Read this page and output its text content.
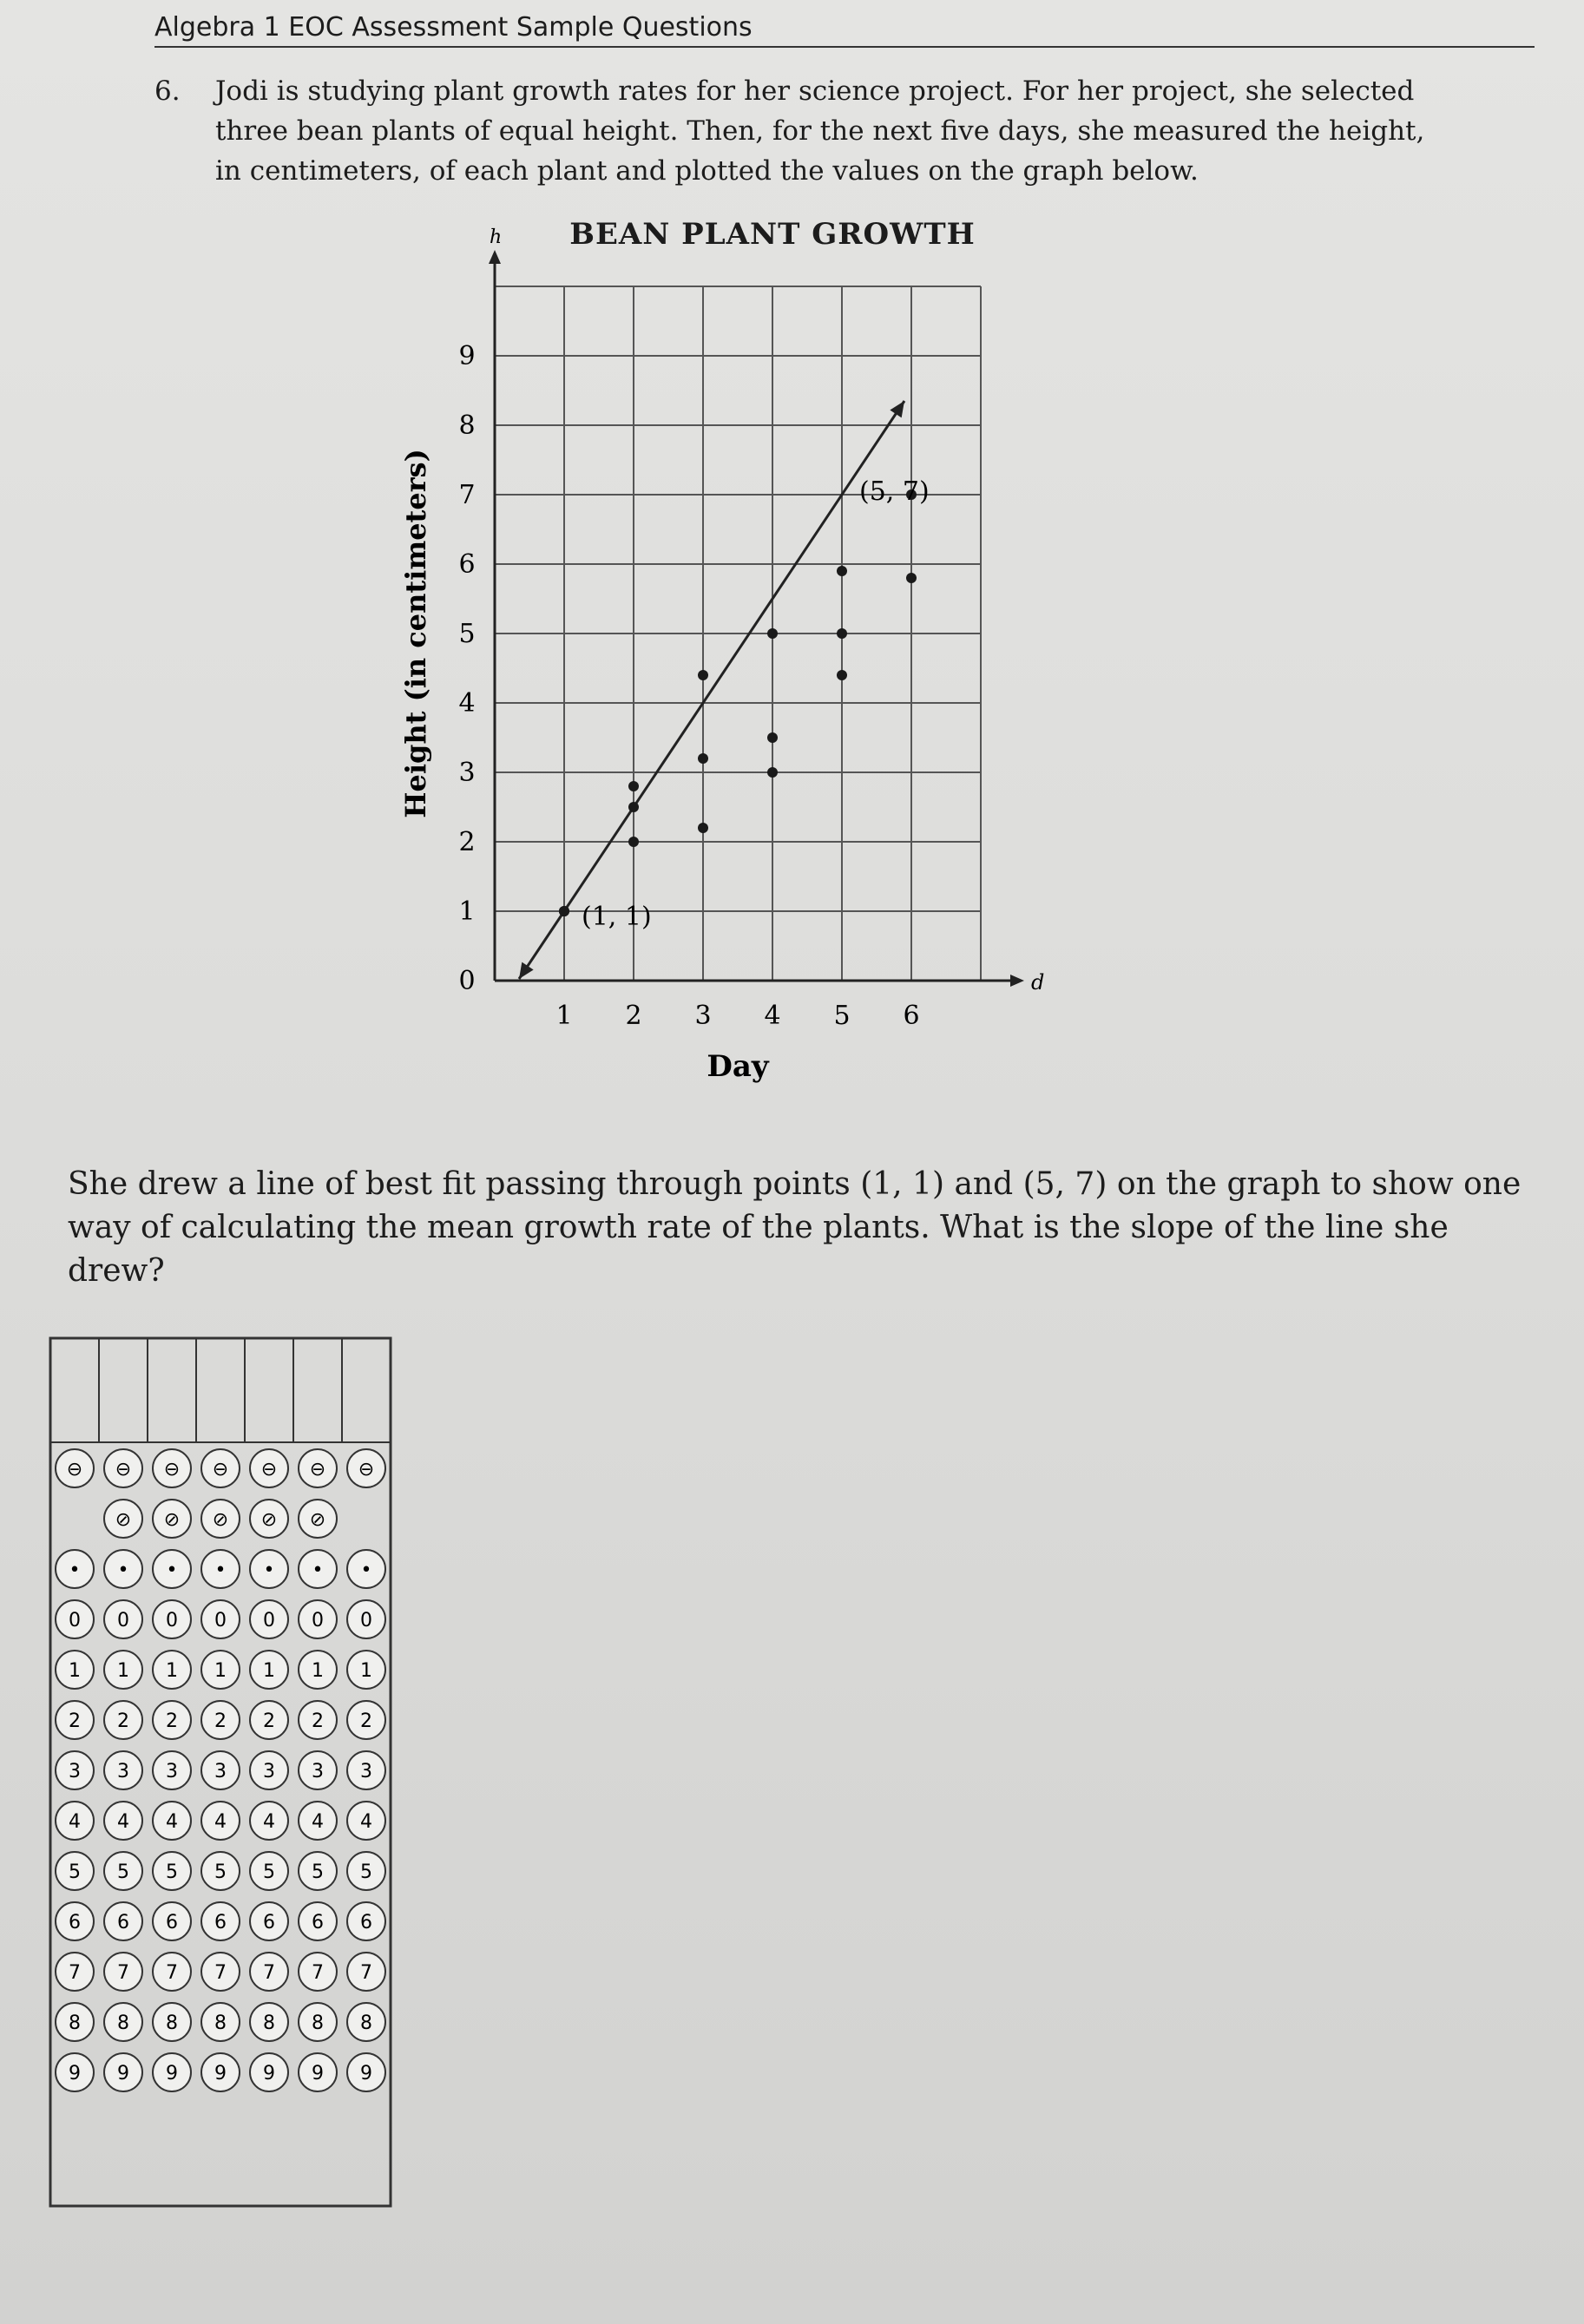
Algebra 1 EOC Assessment Sample Questions
6. Jodi is studying plant growth rates for her science project. For her project, she selected three bean plants of equal height. Then, for the next five days, she measured the height, in centimeters, of each plant and plotted the values on the graph below.
BEAN PLANT GROWTH
d
h
1 2 3 4 5 6
0
1
2
3
4
5
6
7
8
9
Day
Height (in centimeters)
(1, 1)
(5, 7)
She drew a line of best fit passing through points (1, 1) and (5, 7) on the graph to show one way of calculating the mean growth rate of the plants. What is the slope of the line she drew?
⊖ ⊖ ⊖ ⊖ ⊖ ⊖ ⊖
⊘ ⊘ ⊘ ⊘ ⊘
• • • • • • •
0 0 0 0 0 0 0
1 1 1 1 1 1 1
2 2 2 2 2 2 2
3 3 3 3 3 3 3
4 4 4 4 4 4 4
5 5 5 5 5 5 5
6 6 6 6 6 6 6
7 7 7 7 7 7 7
8 8 8 8 8 8 8
9 9 9 9 9 9 9
